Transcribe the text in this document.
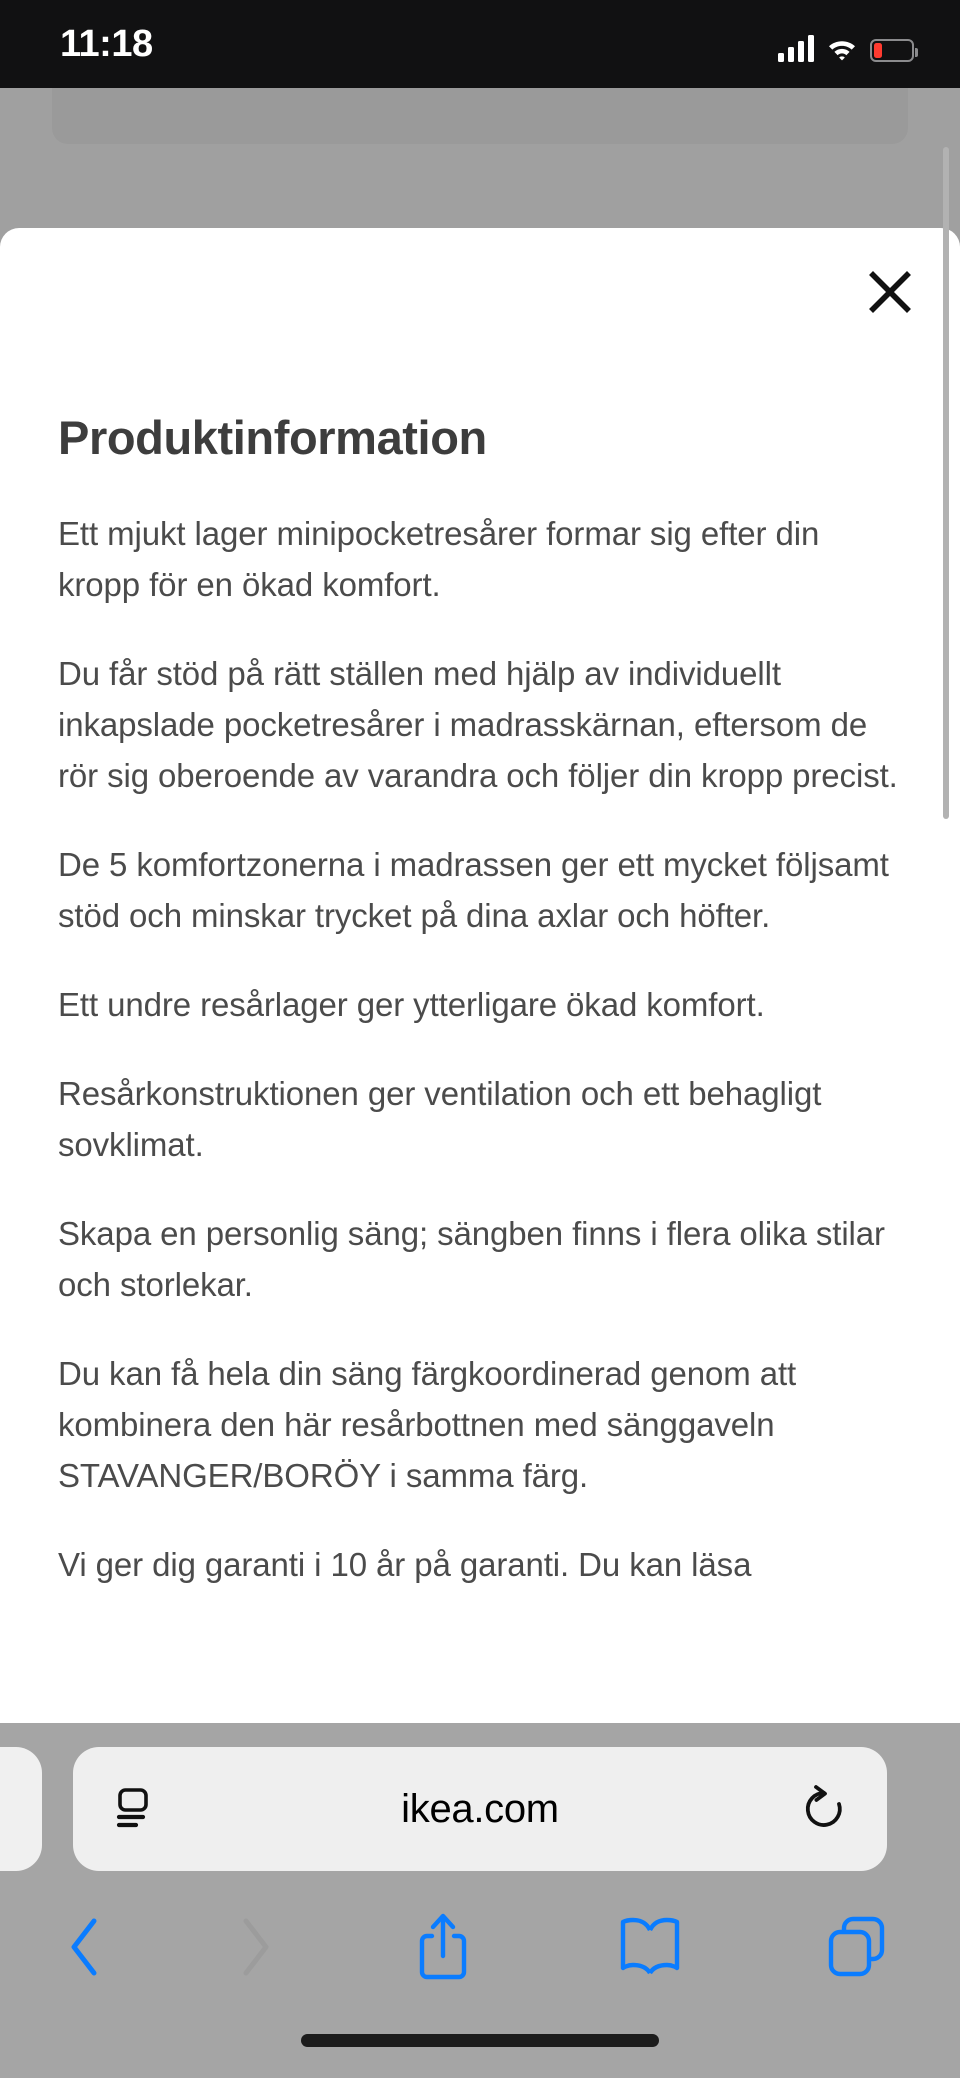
11:18
Produktinformation

Ett mjukt lager minipocketresårer formar sig efter din kropp för en ökad komfort.

Du får stöd på rätt ställen med hjälp av individuellt inkapslade pocketresårer i madrasskärnan, eftersom de rör sig oberoende av varandra och följer din kropp precist.

De 5 komfortzonerna i madrassen ger ett mycket följsamt stöd och minskar trycket på dina axlar och höfter.

Ett undre resårlager ger ytterligare ökad komfort.

Resårkonstruktionen ger ventilation och ett behagligt sovklimat.

Skapa en personlig säng; sängben finns i flera olika stilar och storlekar.

Du kan få hela din säng färgkoordinerad genom att kombinera den här resårbottnen med sänggaveln STAVANGER/BORÖY i samma färg.

Vi ger dig garanti i 10 år på garanti. Du kan läsa

ikea.com
